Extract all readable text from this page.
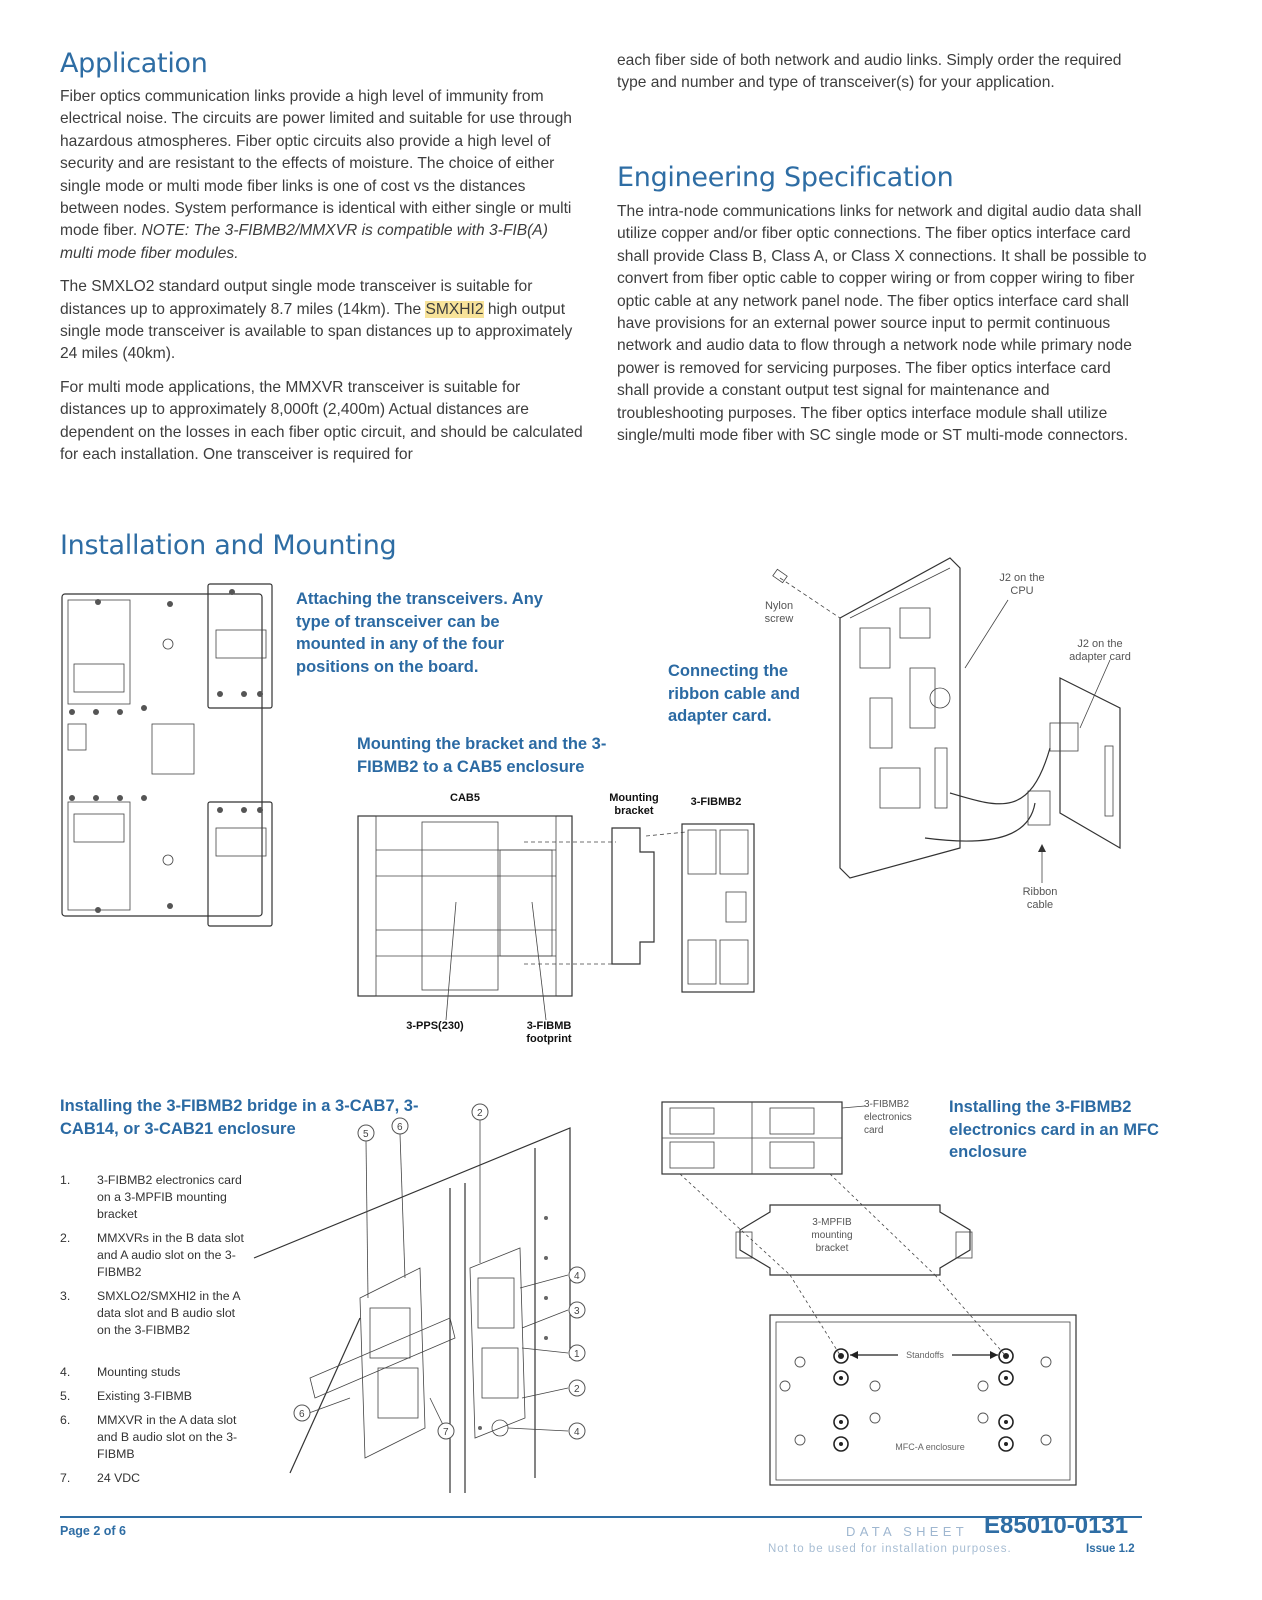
Application

Fiber optics communication links provide a high level of immunity from electrical noise. The circuits are power limited and suitable for use through hazardous atmospheres. Fiber optic circuits also provide a high level of security and are resistant to the effects of moisture. The choice of either single mode or multi mode fiber links is one of cost vs the distances between nodes. System performance is identical with either single or multi mode fiber. NOTE: The 3-FIBMB2/MMXVR is compatible with 3-FIB(A) multi mode fiber modules.

The SMXLO2 standard output single mode transceiver is suitable for distances up to approximately 8.7 miles (14km). The SMXHI2 high output single mode transceiver is available to span distances up to approximately 24 miles (40km).

For multi mode applications, the MMXVR transceiver is suitable for distances up to approximately 8,000ft (2,400m) Actual distances are dependent on the losses in each fiber optic circuit, and should be calculated for each installation. One transceiver is required for

each fiber side of both network and audio links. Simply order the required type and number and type of transceiver(s) for your application.

Engineering Specification

The intra-node communications links for network and digital audio data shall utilize copper and/or fiber optic connections. The fiber optics interface card shall provide Class B, Class A, or Class X connections. It shall be possible to convert from fiber optic cable to copper wiring or from copper wiring to fiber optic cable at any network panel node. The fiber optics interface card shall have provisions for an external power source input to permit continuous network and audio data to flow through a network node while primary node power is removed for servicing purposes. The fiber optics interface card shall provide a constant output test signal for maintenance and troubleshooting purposes. The fiber optics interface module shall utilize single/multi mode fiber with SC single mode or ST multi-mode connectors.

Installation and Mounting
Attaching the transceivers. Any type of transceiver can be mounted in any of the four positions on the board.
Nylon screw
J2 on the CPU
J2 on the adapter card
Ribbon cable
Connecting the ribbon cable and adapter card.
Mounting the bracket and the 3-FIBMB2 to a CAB5 enclosure
CAB5	Mounting bracket
3-FIBMB2
3-PPS(230)	3-FIBMB footprint
Installing the 3-FIBMB2 bridge in a 3-CAB7, 3-CAB14, or 3-CAB21 enclosure
1. 3-FIBMB2 electronics card on a 3-MPFIB mounting bracket
2. MMXVRs in the B data slot and A audio slot on the 3-FIBMB2
3. SMXLO2/SMXHI2 in the A data slot and B audio slot on the 3-FIBMB2
4. Mounting studs
5. Existing 3-FIBMB
6. MMXVR in the A data slot and B audio slot on the 3-FIBMB
7. 24 VDC
2
5
6
4
3
1
2
4
6
7
3-FIBMB2 electronics card
3-MPFIB mounting bracket
Standoffs
MFC-A enclosure
Installing the 3-FIBMB2 electronics card in an MFC enclosure
Page 2 of 6	DATA SHEET E85010-0131
Not to be used for installation purposes.	Issue 1.2
